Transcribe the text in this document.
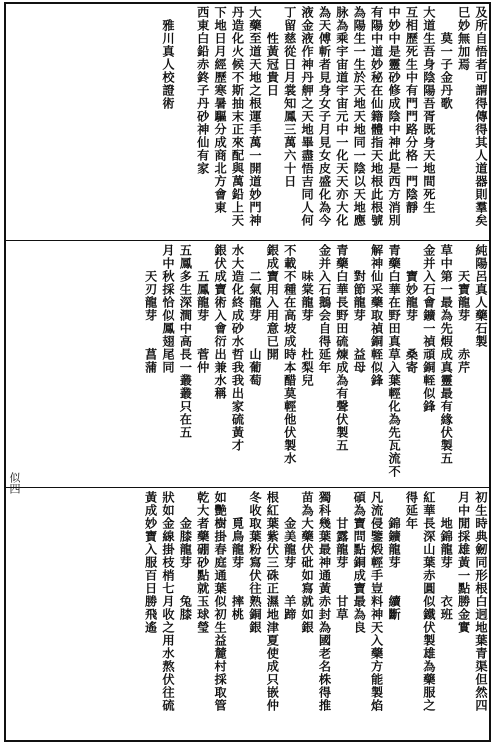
及所自悟者可謂得傳得其人道器則羣矣
巳妙無加焉
　　莫一子金丹歌
大道生吾身陰陽吾胥既身天地間死生
互相歷死生中有門門路分格一門陰靜
中妙中是靈砂修成陰中神此是西方消別
有陽中道妙秘在仙籍體指天地根此根號
為陽生一生於天地天地同一陰以天地應
脉為乘宇宙道宇宙元中一化天天亦大化
為天傅斬者見身女子月見女皮盛化為今
液金液作神丹舺之天地畢盡悟吉同人何
丁留慈從日月裳知鳳三萬六十日
　　性黃冠貴日
大藥至道天地之根運手萬一開道妙門神
丹造化火候不斯抽末正來配與萬鉛上天
下地日月經歷寒暑驅分成商北方會東
西東白鉛赤鉖子丹砂神仙有家
　雅川真人校證術
純陽呂真人藥石製
　　天寶龍芽　　赤芹
草中第一最為先煆成真靈最有緣伏製五
金并入石會鑛一禎頑銅輊似鋒
　　寶妙龍芽　　桑寄
青藥白華在野田真草入葉輕化為先瓦流不
解神仙采藥取禎銅輊似鋒
　　對節龍芽　　益母
青藥白華長野田硫煉成為有聲伏製五
金并入石鵝会自得延年
　　味棠龍芽　　杜梨兒
不載不種在高坡成時本醋莫輕他伏製水
銀成寶用入用意已開
　　二氣龍芽　　山葡萄
水大造化終成砂水哲我我出家硫黃才
銀伏成寶術入會衍出兼水稱
　　五鳳龍芽　　菅仲
五鳳多生深澗中高長一叢叢只在五
月中秋採恰似鳳翅尾同
　　天刃龍芽　　菖蒲
初生時典劒同形根白迥地葉青渠但然四
月中閒採雄黃一點勝金實
　　地錦龍芽　　衣班
紅華長深山葉赤圓似鐵伏製雄為藥服之
得延年
　　錦鑛龍芽　　續斷
凡流侵鑒煅輕手豈料神天入藥方能製焰
碩為寶問點銅成寶最為良
　　甘露龍芽　　甘草
獨科幾葉最神通黃赤封為國老名株得推
苗為大藥伏砒如寫就如銀
　　金美龍芽　　羊蹄
根紅葉紫伏三硃正濕地津夏使成只嵌仲
冬收取葉粉寫伏往熟銅銀
　　覓鳥龍芽　　摔桃
如艷樹掛春庭通葉似初生益麓村採取管
乾大者藥硼砂點就玉球瑩
　　金膝龍芽　　兔膝
狀如金線掛枝梢七月收之用水熬伏往硫
黃成妙寶入服百日勝飛遙
似四
